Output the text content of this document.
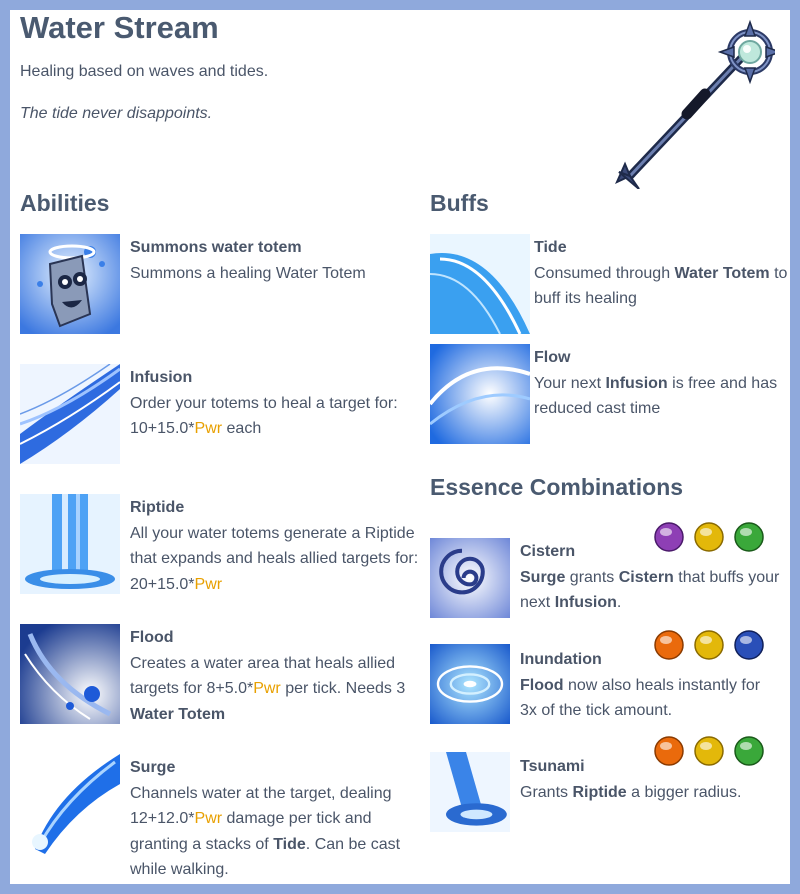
Water Stream
Healing based on waves and tides.
The tide never disappoints.
Abilities
Summons water totem
Summons a healing Water Totem
Infusion
Order your totems to heal a target for: 10+15.0*Pwr each
Riptide
All your water totems generate a Riptide that expands and heals allied targets for: 20+15.0*Pwr
Flood
Creates a water area that heals allied targets for 8+5.0*Pwr per tick. Needs 3 Water Totem
Surge
Channels water at the target, dealing 12+12.0*Pwr damage per tick and granting a stacks of Tide. Can be cast while walking.
Buffs
Tide
Consumed through Water Totem to buff its healing
Flow
Your next Infusion is free and has reduced cast time
Essence Combinations
Cistern
Surge grants Cistern that buffs your next Infusion.
Inundation
Flood now also heals instantly for 3x of the tick amount.
Tsunami
Grants Riptide a bigger radius.
